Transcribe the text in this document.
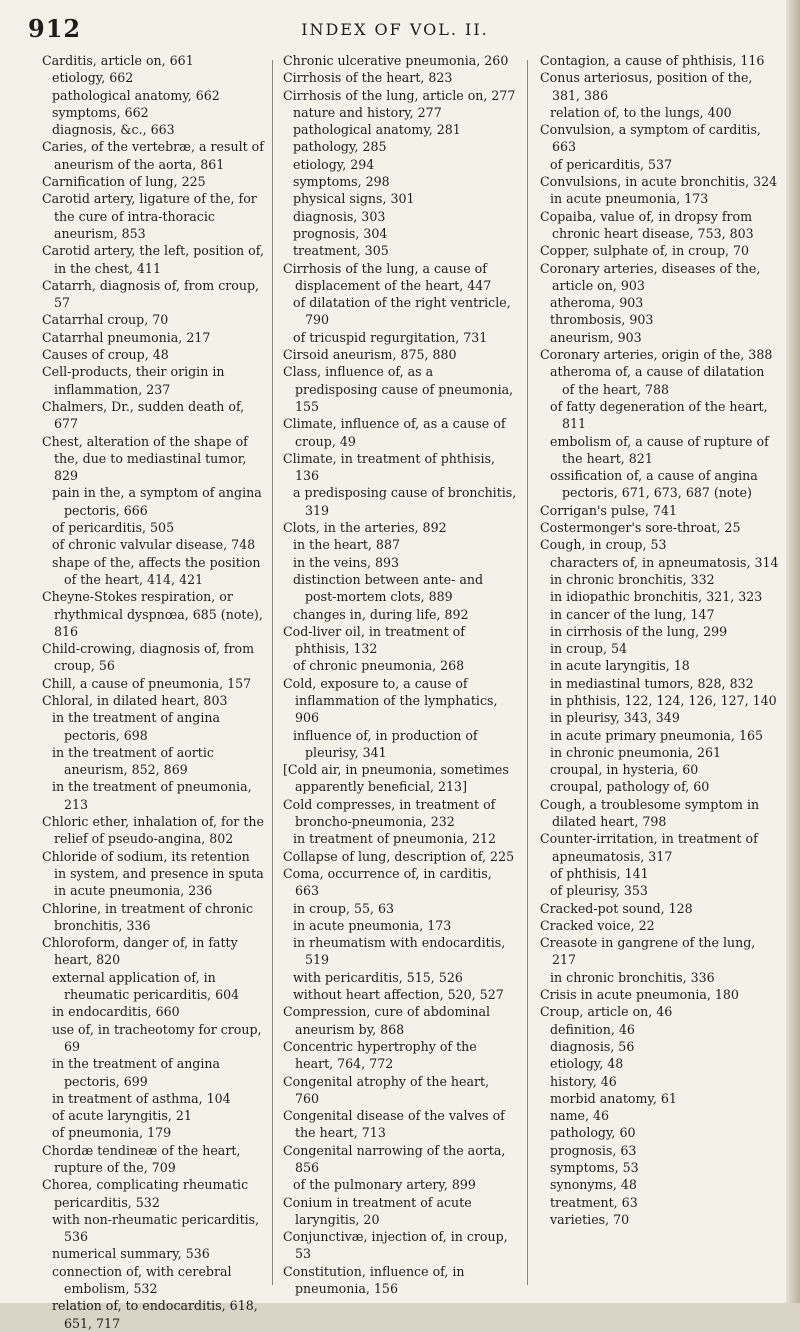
912	INDEX OF VOL. II.

Carditis, article on, 661

etiology, 662

pathological anatomy, 662

symptoms, 662

diagnosis, &c., 663

Caries, of the vertebræ, a result of aneurism of the aorta, 861

Carnification of lung, 225

Carotid artery, ligature of the, for the cure of intra-thoracic aneurism, 853

Carotid artery, the left, position of, in the chest, 411

Catarrh, diagnosis of, from croup, 57

Catarrhal croup, 70

Catarrhal pneumonia, 217

Causes of croup, 48

Cell-products, their origin in inflammation, 237

Chalmers, Dr., sudden death of, 677

Chest, alteration of the shape of the, due to mediastinal tumor, 829

pain in the, a symptom of angina pectoris, 666

of pericarditis, 505

of chronic valvular disease, 748

shape of the, affects the position of the heart, 414, 421

Cheyne-Stokes respiration, or rhythmical dyspnœa, 685 (note), 816

Child-crowing, diagnosis of, from croup, 56

Chill, a cause of pneumonia, 157

Chloral, in dilated heart, 803

in the treatment of angina pectoris, 698

in the treatment of aortic aneurism, 852, 869

in the treatment of pneumonia, 213

Chloric ether, inhalation of, for the relief of pseudo-angina, 802

Chloride of sodium, its retention in system, and presence in sputa in acute pneumonia, 236

Chlorine, in treatment of chronic bronchitis, 336

Chloroform, danger of, in fatty heart, 820

external application of, in rheumatic pericarditis, 604

in endocarditis, 660

use of, in tracheotomy for croup, 69

in the treatment of angina pectoris, 699

in treatment of asthma, 104

of acute laryngitis, 21

of pneumonia, 179

Chordæ tendineæ of the heart, rupture of the, 709

Chorea, complicating rheumatic pericarditis, 532

with non-rheumatic pericarditis, 536

numerical summary, 536

connection of, with cerebral embolism, 532

relation of, to endocarditis, 618, 651, 717

Chronic ulcerative pneumonia, 260

Cirrhosis of the heart, 823

Cirrhosis of the lung, article on, 277

nature and history, 277

pathological anatomy, 281

pathology, 285

etiology, 294

symptoms, 298

physical signs, 301

diagnosis, 303

prognosis, 304

treatment, 305

Cirrhosis of the lung, a cause of displacement of the heart, 447

of dilatation of the right ventricle, 790

of tricuspid regurgitation, 731

Cirsoid aneurism, 875, 880

Class, influence of, as a predisposing cause of pneumonia, 155

Climate, influence of, as a cause of croup, 49

Climate, in treatment of phthisis, 136

a predisposing cause of bronchitis, 319

Clots, in the arteries, 892

in the heart, 887

in the veins, 893

distinction between ante- and post-mortem clots, 889

changes in, during life, 892

Cod-liver oil, in treatment of phthisis, 132

of chronic pneumonia, 268

Cold, exposure to, a cause of inflammation of the lymphatics, 906

influence of, in production of pleurisy, 341

[Cold air, in pneumonia, sometimes apparently beneficial, 213]

Cold compresses, in treatment of broncho-pneumonia, 232

in treatment of pneumonia, 212

Collapse of lung, description of, 225

Coma, occurrence of, in carditis, 663

in croup, 55, 63

in acute pneumonia, 173

in rheumatism with endocarditis, 519

with pericarditis, 515, 526

without heart affection, 520, 527

Compression, cure of abdominal aneurism by, 868

Concentric hypertrophy of the heart, 764, 772

Congenital atrophy of the heart, 760

Congenital disease of the valves of the heart, 713

Congenital narrowing of the aorta, 856

of the pulmonary artery, 899

Conium in treatment of acute laryngitis, 20

Conjunctivæ, injection of, in croup, 53

Constitution, influence of, in pneumonia, 156

Contagion, a cause of phthisis, 116

Conus arteriosus, position of the, 381, 386

relation of, to the lungs, 400

Convulsion, a symptom of carditis, 663

of pericarditis, 537

Convulsions, in acute bronchitis, 324

in acute pneumonia, 173

Copaiba, value of, in dropsy from chronic heart disease, 753, 803

Copper, sulphate of, in croup, 70

Coronary arteries, diseases of the, article on, 903

atheroma, 903

thrombosis, 903

aneurism, 903

Coronary arteries, origin of the, 388

atheroma of, a cause of dilatation of the heart, 788

of fatty degeneration of the heart, 811

embolism of, a cause of rupture of the heart, 821

ossification of, a cause of angina pectoris, 671, 673, 687 (note)

Corrigan's pulse, 741

Costermonger's sore-throat, 25

Cough, in croup, 53

characters of, in apneumatosis, 314

in chronic bronchitis, 332

in idiopathic bronchitis, 321, 323

in cancer of the lung, 147

in cirrhosis of the lung, 299

in croup, 54

in acute laryngitis, 18

in mediastinal tumors, 828, 832

in phthisis, 122, 124, 126, 127, 140

in pleurisy, 343, 349

in acute primary pneumonia, 165

in chronic pneumonia, 261

croupal, in hysteria, 60

croupal, pathology of, 60

Cough, a troublesome symptom in dilated heart, 798

Counter-irritation, in treatment of apneumatosis, 317

of phthisis, 141

of pleurisy, 353

Cracked-pot sound, 128

Cracked voice, 22

Creasote in gangrene of the lung, 217

in chronic bronchitis, 336

Crisis in acute pneumonia, 180

Croup, article on, 46

definition, 46

diagnosis, 56

etiology, 48

history, 46

morbid anatomy, 61

name, 46

pathology, 60

prognosis, 63

symptoms, 53

synonyms, 48

treatment, 63

varieties, 70
